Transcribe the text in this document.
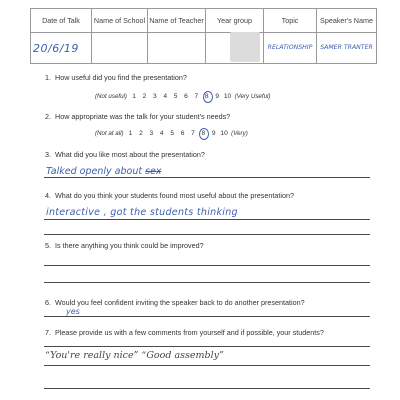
Date of Talk	Name of School	Name of Teacher	Year group	Topic	Speaker's Name
20/6/19				RELATIONSHIP	SAMER TRANTER
1. How useful did you find the presentation?
(Not useful) 1 2 3 4 5 6 7 8 9 10 (Very Useful)
2. How appropriate was the talk for your student's needs?
(Not at all) 1 2 3 4 5 6 7 8 9 10 (Very)
3. What did you like most about the presentation?
Talked openly about sex
4. What do you think your students found most useful about the presentation?
interactive , got the students thinking
5. Is there anything you think could be improved?
6. Would you feel confident inviting the speaker back to do another presentation?
yes
7. Please provide us with a few comments from yourself and if possible, your students?
“You're really nice” “Good assembly”
